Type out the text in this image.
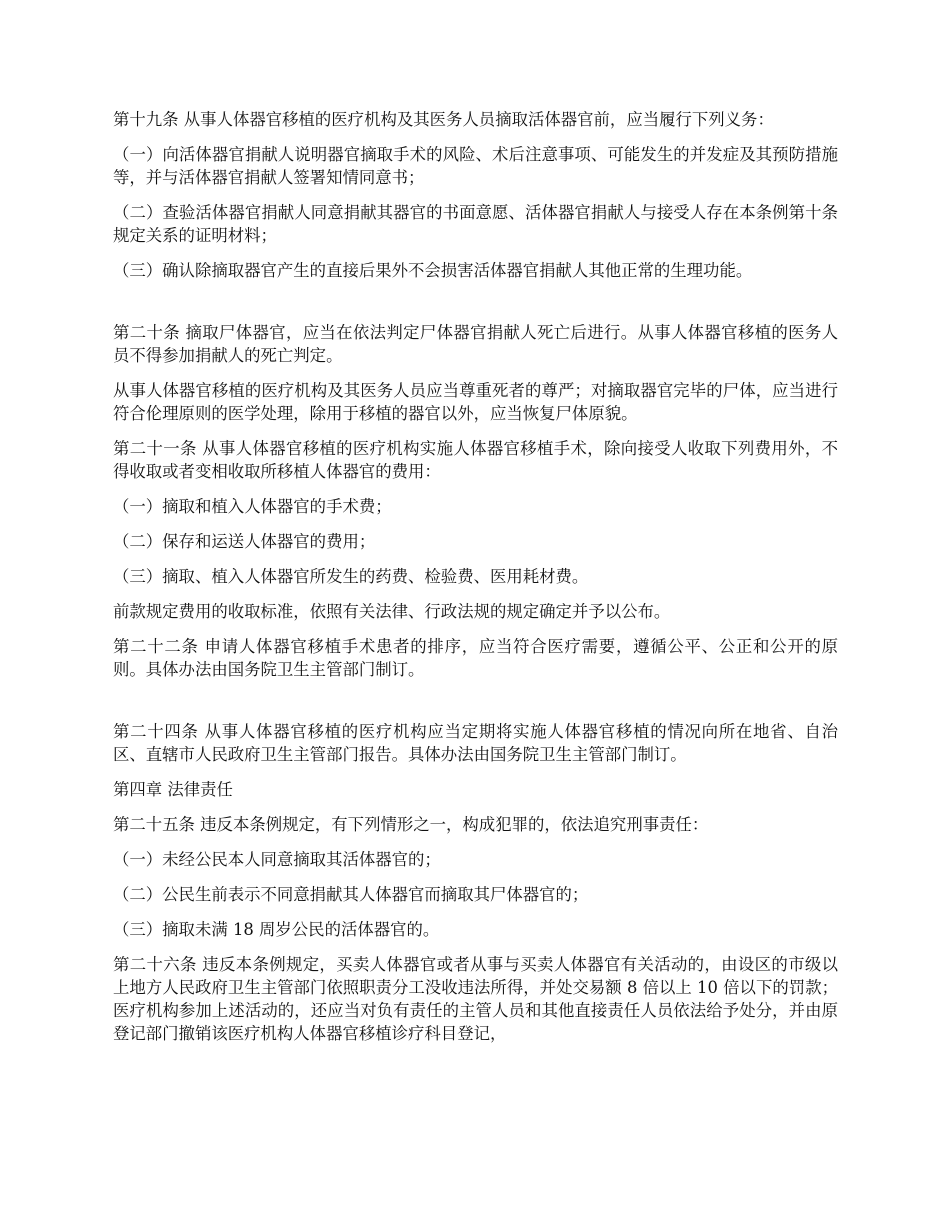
第十九条 从事人体器官移植的医疗机构及其医务人员摘取活体器官前，应当履行下列义务：

（一）向活体器官捐献人说明器官摘取手术的风险、术后注意事项、可能发生的并发症及其预防措施等，并与活体器官捐献人签署知情同意书；

（二）查验活体器官捐献人同意捐献其器官的书面意愿、活体器官捐献人与接受人存在本条例第十条规定关系的证明材料；

（三）确认除摘取器官产生的直接后果外不会损害活体器官捐献人其他正常的生理功能。

第二十条 摘取尸体器官，应当在依法判定尸体器官捐献人死亡后进行。从事人体器官移植的医务人员不得参加捐献人的死亡判定。

从事人体器官移植的医疗机构及其医务人员应当尊重死者的尊严；对摘取器官完毕的尸体，应当进行符合伦理原则的医学处理，除用于移植的器官以外，应当恢复尸体原貌。

第二十一条 从事人体器官移植的医疗机构实施人体器官移植手术，除向接受人收取下列费用外，不得收取或者变相收取所移植人体器官的费用：

（一）摘取和植入人体器官的手术费；

（二）保存和运送人体器官的费用；

（三）摘取、植入人体器官所发生的药费、检验费、医用耗材费。

前款规定费用的收取标准，依照有关法律、行政法规的规定确定并予以公布。

第二十二条 申请人体器官移植手术患者的排序，应当符合医疗需要，遵循公平、公正和公开的原则。具体办法由国务院卫生主管部门制订。

第二十四条 从事人体器官移植的医疗机构应当定期将实施人体器官移植的情况向所在地省、自治区、直辖市人民政府卫生主管部门报告。具体办法由国务院卫生主管部门制订。

第四章 法律责任

第二十五条 违反本条例规定，有下列情形之一，构成犯罪的，依法追究刑事责任：

（一）未经公民本人同意摘取其活体器官的；

（二）公民生前表示不同意捐献其人体器官而摘取其尸体器官的；

（三）摘取未满 18 周岁公民的活体器官的。

第二十六条 违反本条例规定，买卖人体器官或者从事与买卖人体器官有关活动的，由设区的市级以上地方人民政府卫生主管部门依照职责分工没收违法所得，并处交易额 8 倍以上 10 倍以下的罚款；医疗机构参加上述活动的，还应当对负有责任的主管人员和其他直接责任人员依法给予处分，并由原登记部门撤销该医疗机构人体器官移植诊疗科目登记，
